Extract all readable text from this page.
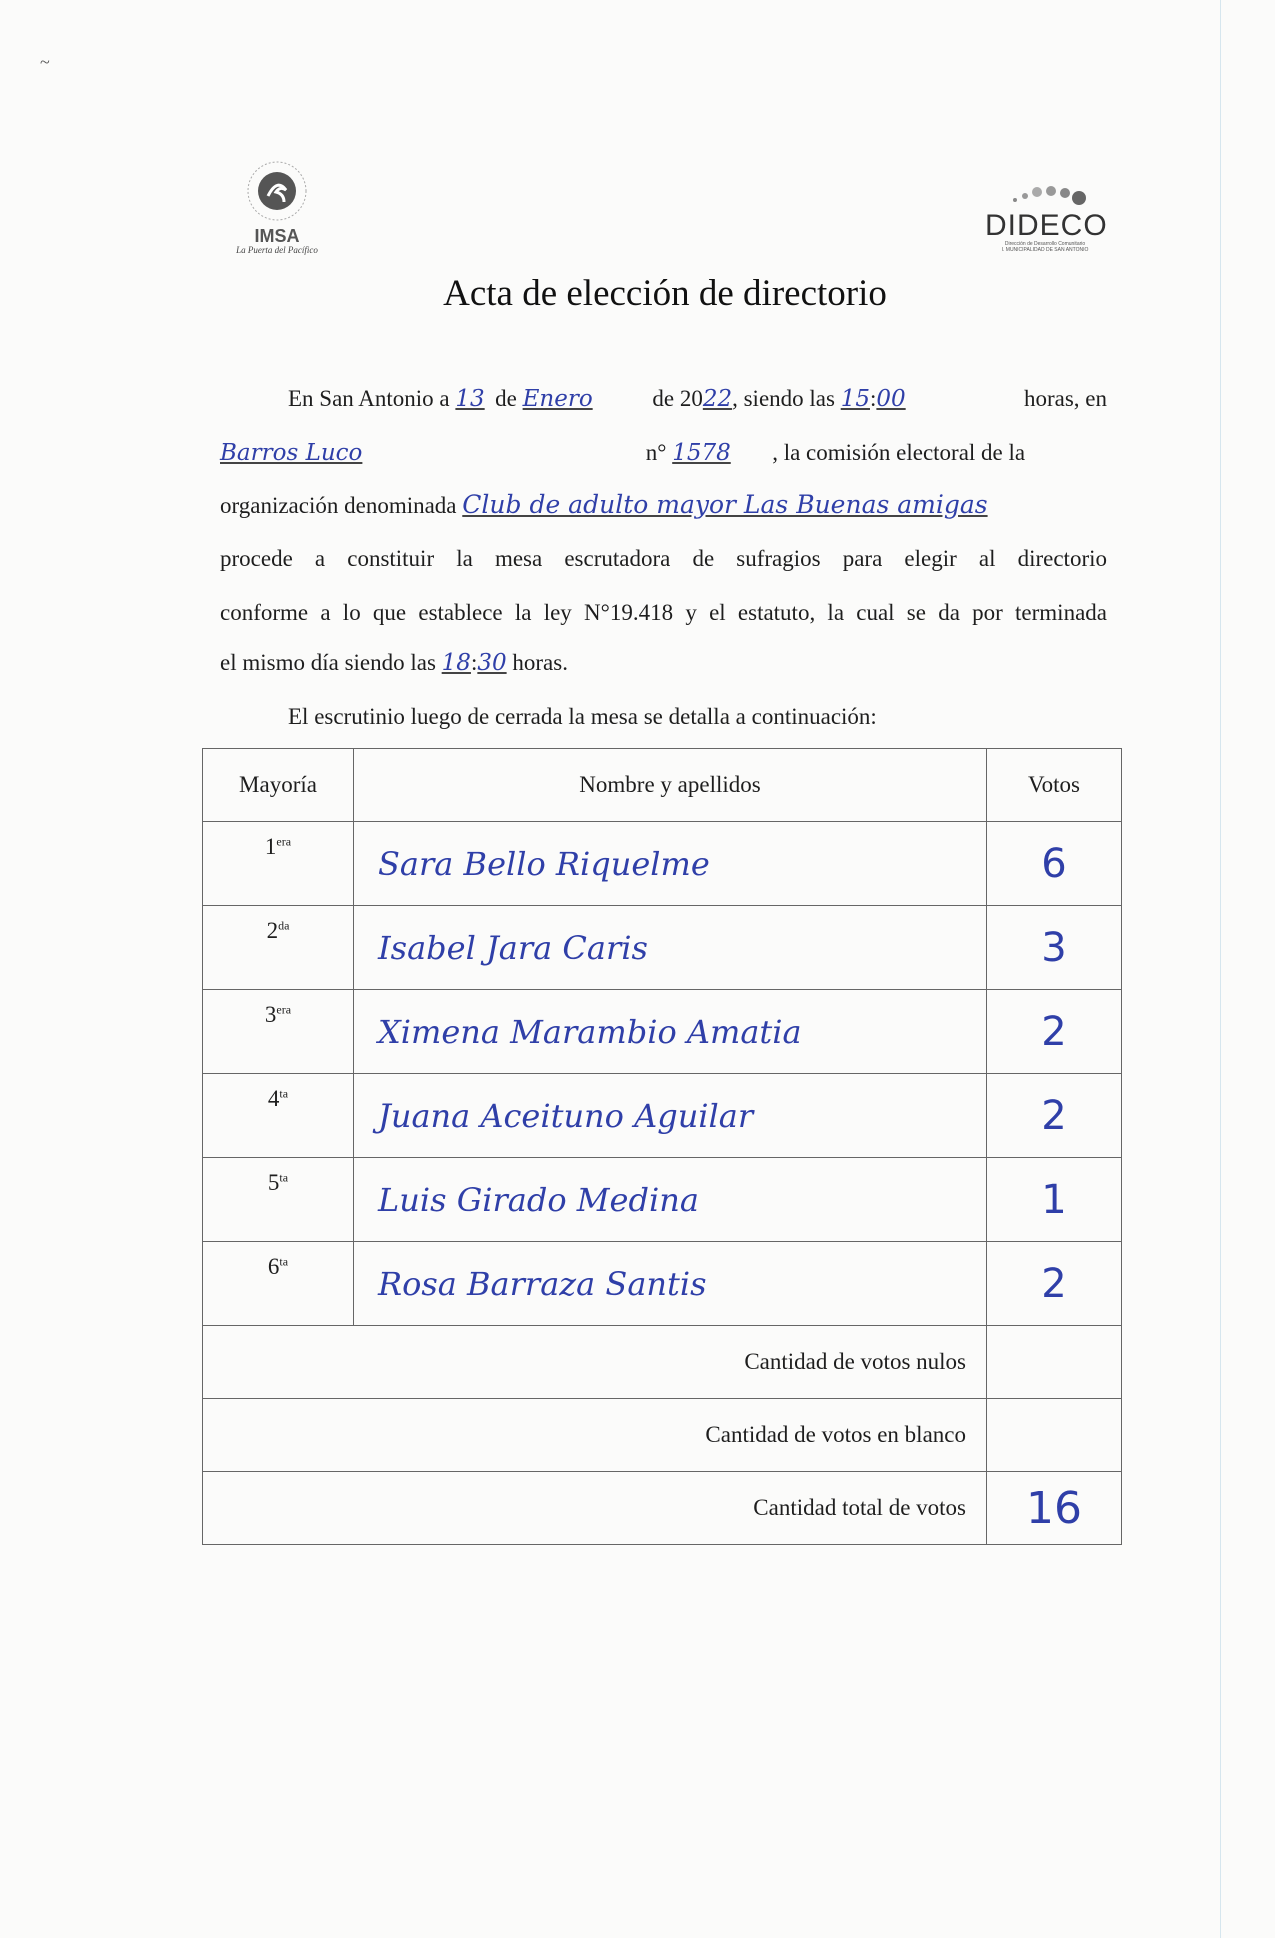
~
IMSA
La Puerta del Pacífico
DIDECO
Dirección de Desarrollo Comunitario
I. MUNICIPALIDAD DE SAN ANTONIO
Acta de elección de directorio
En San Antonio a 13 de Enero	de 2022, siendo las 15:00	horas, en
Barros Luco	n° 1578 , la comisión electoral de la
organización denominada Club de adulto mayor Las Buenas amigas
procede a constituir la mesa escrutadora de sufragios para elegir al directorio
conforme a lo que establece la ley N°19.418 y el estatuto, la cual se da por terminada
el mismo día siendo las 18:30 horas.
El escrutinio luego de cerrada la mesa se detalla a continuación:
Mayoría	Nombre y apellidos	Votos
$1^{era}$	Sara Bello Riquelme	6
$2^{da}$	Isabel Jara Caris	3
$3^{era}$	Ximena Marambio Amatia	2
$4^{ta}$	Juana Aceituno Aguilar	2
$5^{ta}$	Luis Girado Medina	1
$6^{ta}$	Rosa Barraza Santis	2
Cantidad de votos nulos		
Cantidad de votos en blanco		
Cantidad total de votos		16
